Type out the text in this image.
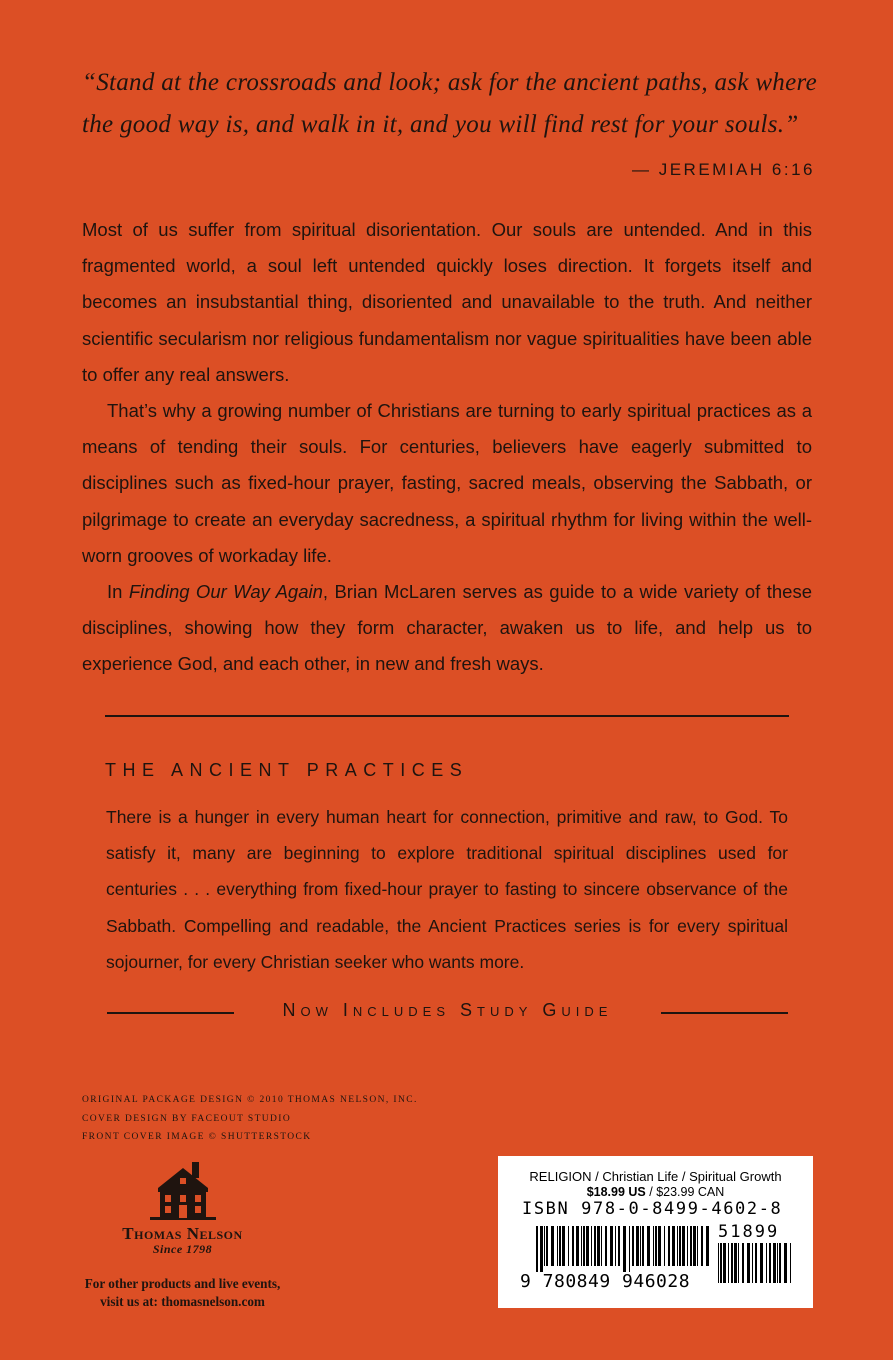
“Stand at the crossroads and look; ask for the ancient paths, ask where the good way is, and walk in it, and you will find rest for your souls.”
— JEREMIAH 6:16

Most of us suffer from spiritual disorientation. Our souls are untended. And in this fragmented world, a soul left untended quickly loses direction. It forgets itself and becomes an insubstantial thing, disoriented and unavailable to the truth. And neither scientific secularism nor religious fundamentalism nor vague spiritualities have been able to offer any real answers.

That’s why a growing number of Christians are turning to early spiritual practices as a means of tending their souls. For centuries, believers have eagerly submitted to disciplines such as fixed-hour prayer, fasting, sacred meals, observing the Sabbath, or pilgrimage to create an everyday sacredness, a spiritual rhythm for living within the well-worn grooves of workaday life.

In Finding Our Way Again, Brian McLaren serves as guide to a wide variety of these disciplines, showing how they form character, awaken us to life, and help us to experience God, and each other, in new and fresh ways.

THE ANCIENT PRACTICES
There is a hunger in every human heart for connection, primitive and raw, to God. To satisfy it, many are beginning to explore traditional spiritual disciplines used for centuries . . . everything from fixed-hour prayer to fasting to sincere observance of the Sabbath. Compelling and readable, the Ancient Practices series is for every spiritual sojourner, for every Christian seeker who wants more.
Now Includes Study Guide
ORIGINAL PACKAGE DESIGN © 2010 THOMAS NELSON, INC.
COVER DESIGN BY FACEOUT STUDIO
FRONT COVER IMAGE © SHUTTERSTOCK
Thomas Nelson
Since 1798
For other products and live events,
visit us at: thomasnelson.com
RELIGION / Christian Life / Spiritual Growth
$18.99 US / $23.99 CAN
ISBN 978-0-8499-4602-8
9 780849 946028
51899
